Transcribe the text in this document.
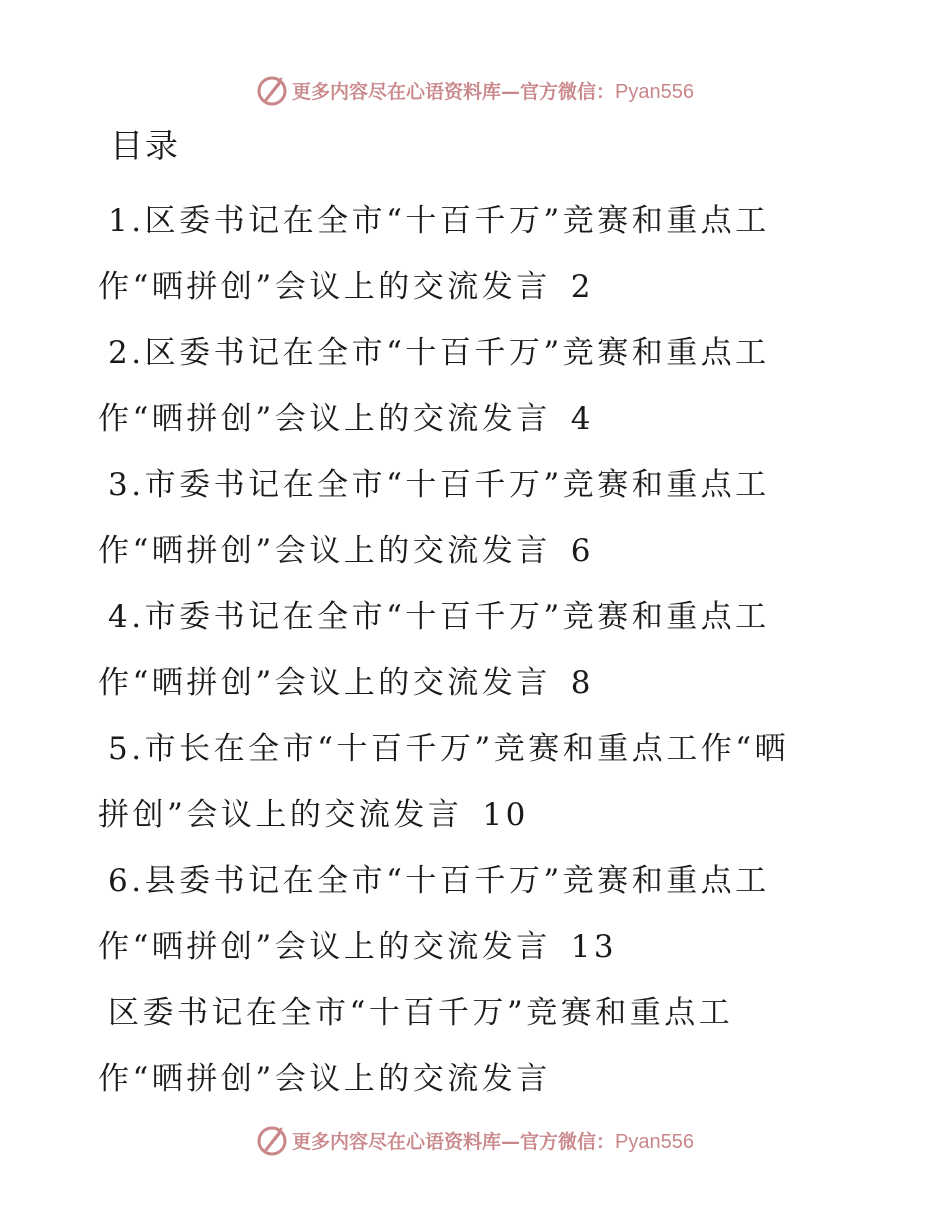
更多内容尽在心语资料库—官方微信：Pyan556
目录
1.区委书记在全市“十百千万”竞赛和重点工
作“晒拼创”会议上的交流发言 2
2.区委书记在全市“十百千万”竞赛和重点工
作“晒拼创”会议上的交流发言 4
3.市委书记在全市“十百千万”竞赛和重点工
作“晒拼创”会议上的交流发言 6
4.市委书记在全市“十百千万”竞赛和重点工
作“晒拼创”会议上的交流发言 8
5.市长在全市“十百千万”竞赛和重点工作“晒
拼创”会议上的交流发言 10
6.县委书记在全市“十百千万”竞赛和重点工
作“晒拼创”会议上的交流发言 13
区委书记在全市“十百千万”竞赛和重点工
作“晒拼创”会议上的交流发言
更多内容尽在心语资料库—官方微信：Pyan556
